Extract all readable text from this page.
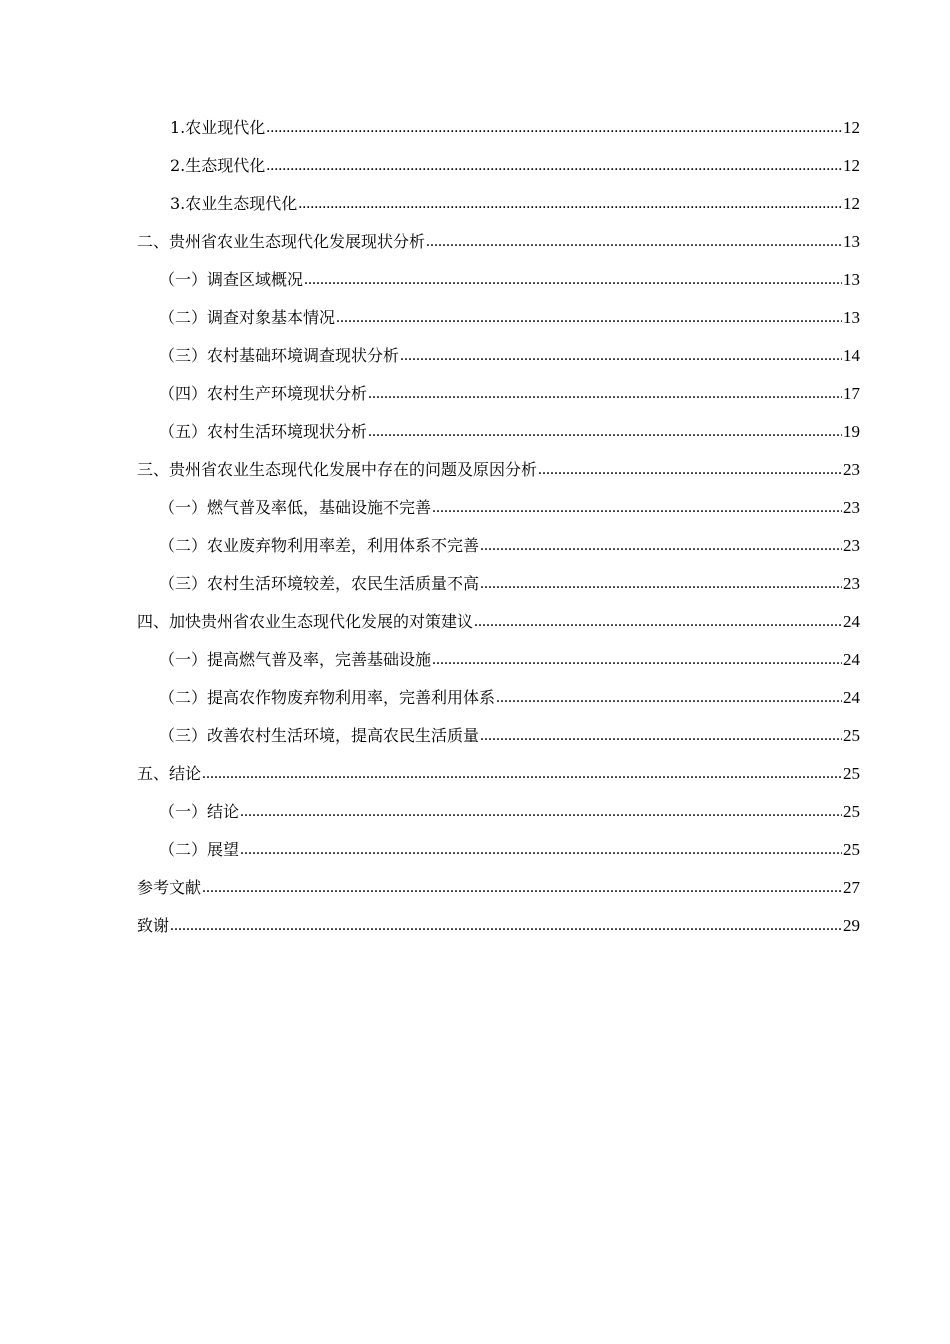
1.农业现代化 .....	12
2.生态现代化 .....	12
3.农业生态现代化 .....	12
二、贵州省农业生态现代化发展现状分析 .....	13
（一）调查区域概况 .....	13
（二）调查对象基本情况 .....	13
（三）农村基础环境调查现状分析 .....	14
（四）农村生产环境现状分析 .....	17
（五）农村生活环境现状分析 .....	19
三、贵州省农业生态现代化发展中存在的问题及原因分析 .....	23
（一）燃气普及率低，基础设施不完善 .....	23
（二）农业废弃物利用率差，利用体系不完善 .....	23
（三）农村生活环境较差，农民生活质量不高 .....	23
四、加快贵州省农业生态现代化发展的对策建议 .....	24
（一）提高燃气普及率，完善基础设施 .....	24
（二）提高农作物废弃物利用率，完善利用体系 .....	24
（三）改善农村生活环境，提高农民生活质量 .....	25
五、结论 .....	25
（一）结论 .....	25
（二）展望 .....	25
参考文献 .....	27
致谢 .....	29
